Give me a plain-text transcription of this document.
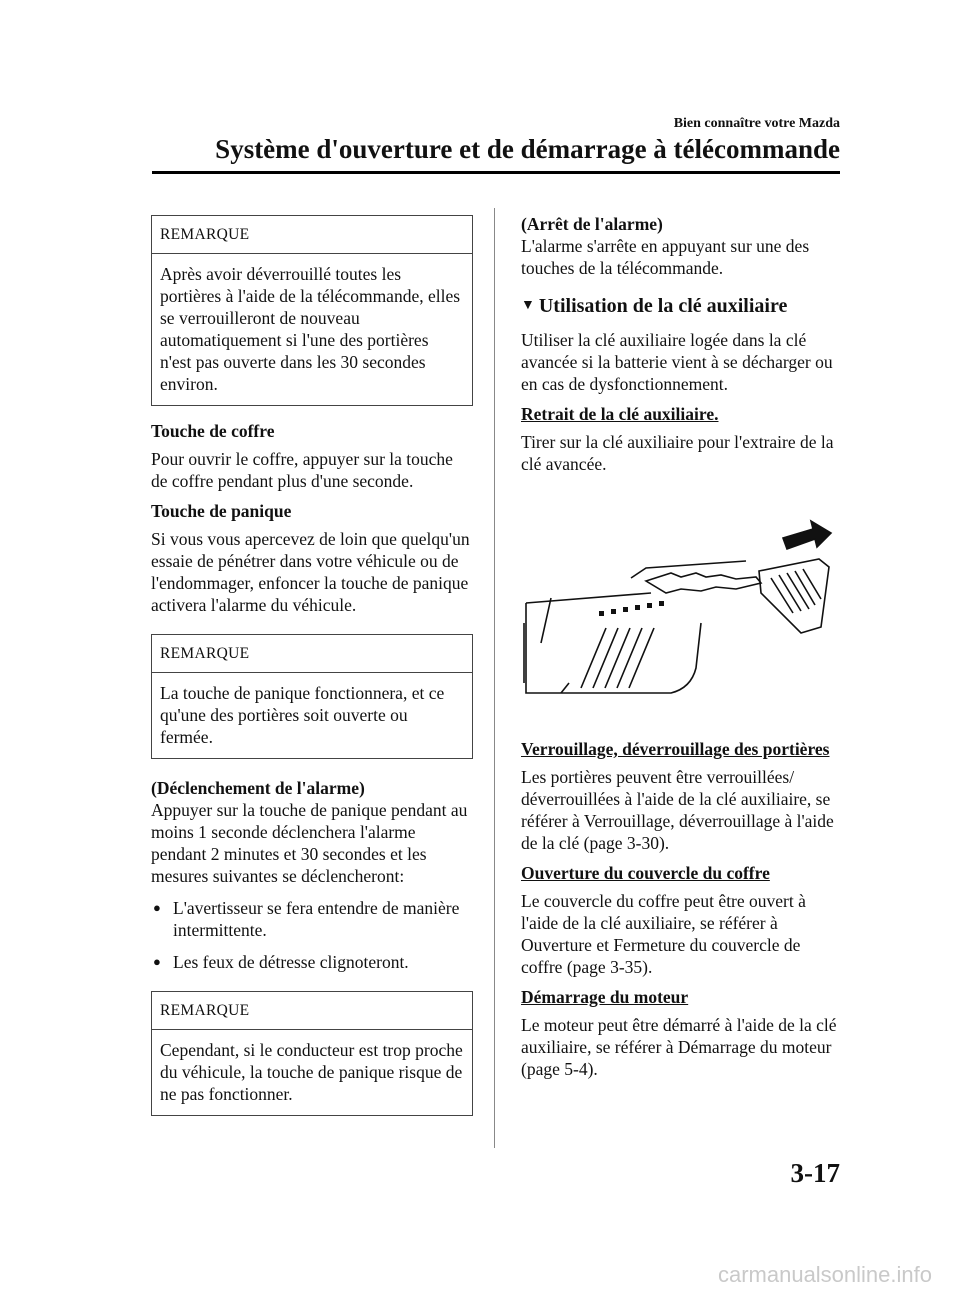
Bien connaître votre Mazda
Système d'ouverture et de démarrage à télécommande
REMARQUE
Après avoir déverrouillé toutes les portières à l'aide de la télécommande, elles se verrouilleront de nouveau automatiquement si l'une des portières n'est pas ouverte dans les 30 secondes environ.

Touche de coffre

Pour ouvrir le coffre, appuyer sur la touche de coffre pendant plus d'une seconde.

Touche de panique

Si vous vous apercevez de loin que quelqu'un essaie de pénétrer dans votre véhicule ou de l'endommager, enfoncer la touche de panique activera l'alarme du véhicule.

REMARQUE
La touche de panique fonctionnera, et ce qu'une des portières soit ouverte ou fermée.

(Déclenchement de l'alarme)

Appuyer sur la touche de panique pendant au moins 1 seconde déclenchera l'alarme pendant 2 minutes et 30 secondes et les mesures suivantes se déclencheront:

● L'avertisseur se fera entendre de manière intermittente.
● Les feux de détresse clignoteront.
REMARQUE
Cependant, si le conducteur est trop proche du véhicule, la touche de panique risque de ne pas fonctionner.

(Arrêt de l'alarme)

L'alarme s'arrête en appuyant sur une des touches de la télécommande.

▼ Utilisation de la clé auxiliaire

Utiliser la clé auxiliaire logée dans la clé avancée si la batterie vient à se décharger ou en cas de dysfonctionnement.

Retrait de la clé auxiliaire.

Tirer sur la clé auxiliaire pour l'extraire de la clé avancée.

Verrouillage, déverrouillage des portières

Les portières peuvent être verrouillées/ déverrouillées à l'aide de la clé auxiliaire, se référer à Verrouillage, déverrouillage à l'aide de la clé (page 3-30).

Ouverture du couvercle du coffre

Le couvercle du coffre peut être ouvert à l'aide de la clé auxiliaire, se référer à Ouverture et Fermeture du couvercle de coffre (page 3-35).

Démarrage du moteur

Le moteur peut être démarré à l'aide de la clé auxiliaire, se référer à Démarrage du moteur (page 5-4).

3-17
carmanualsonline.info
